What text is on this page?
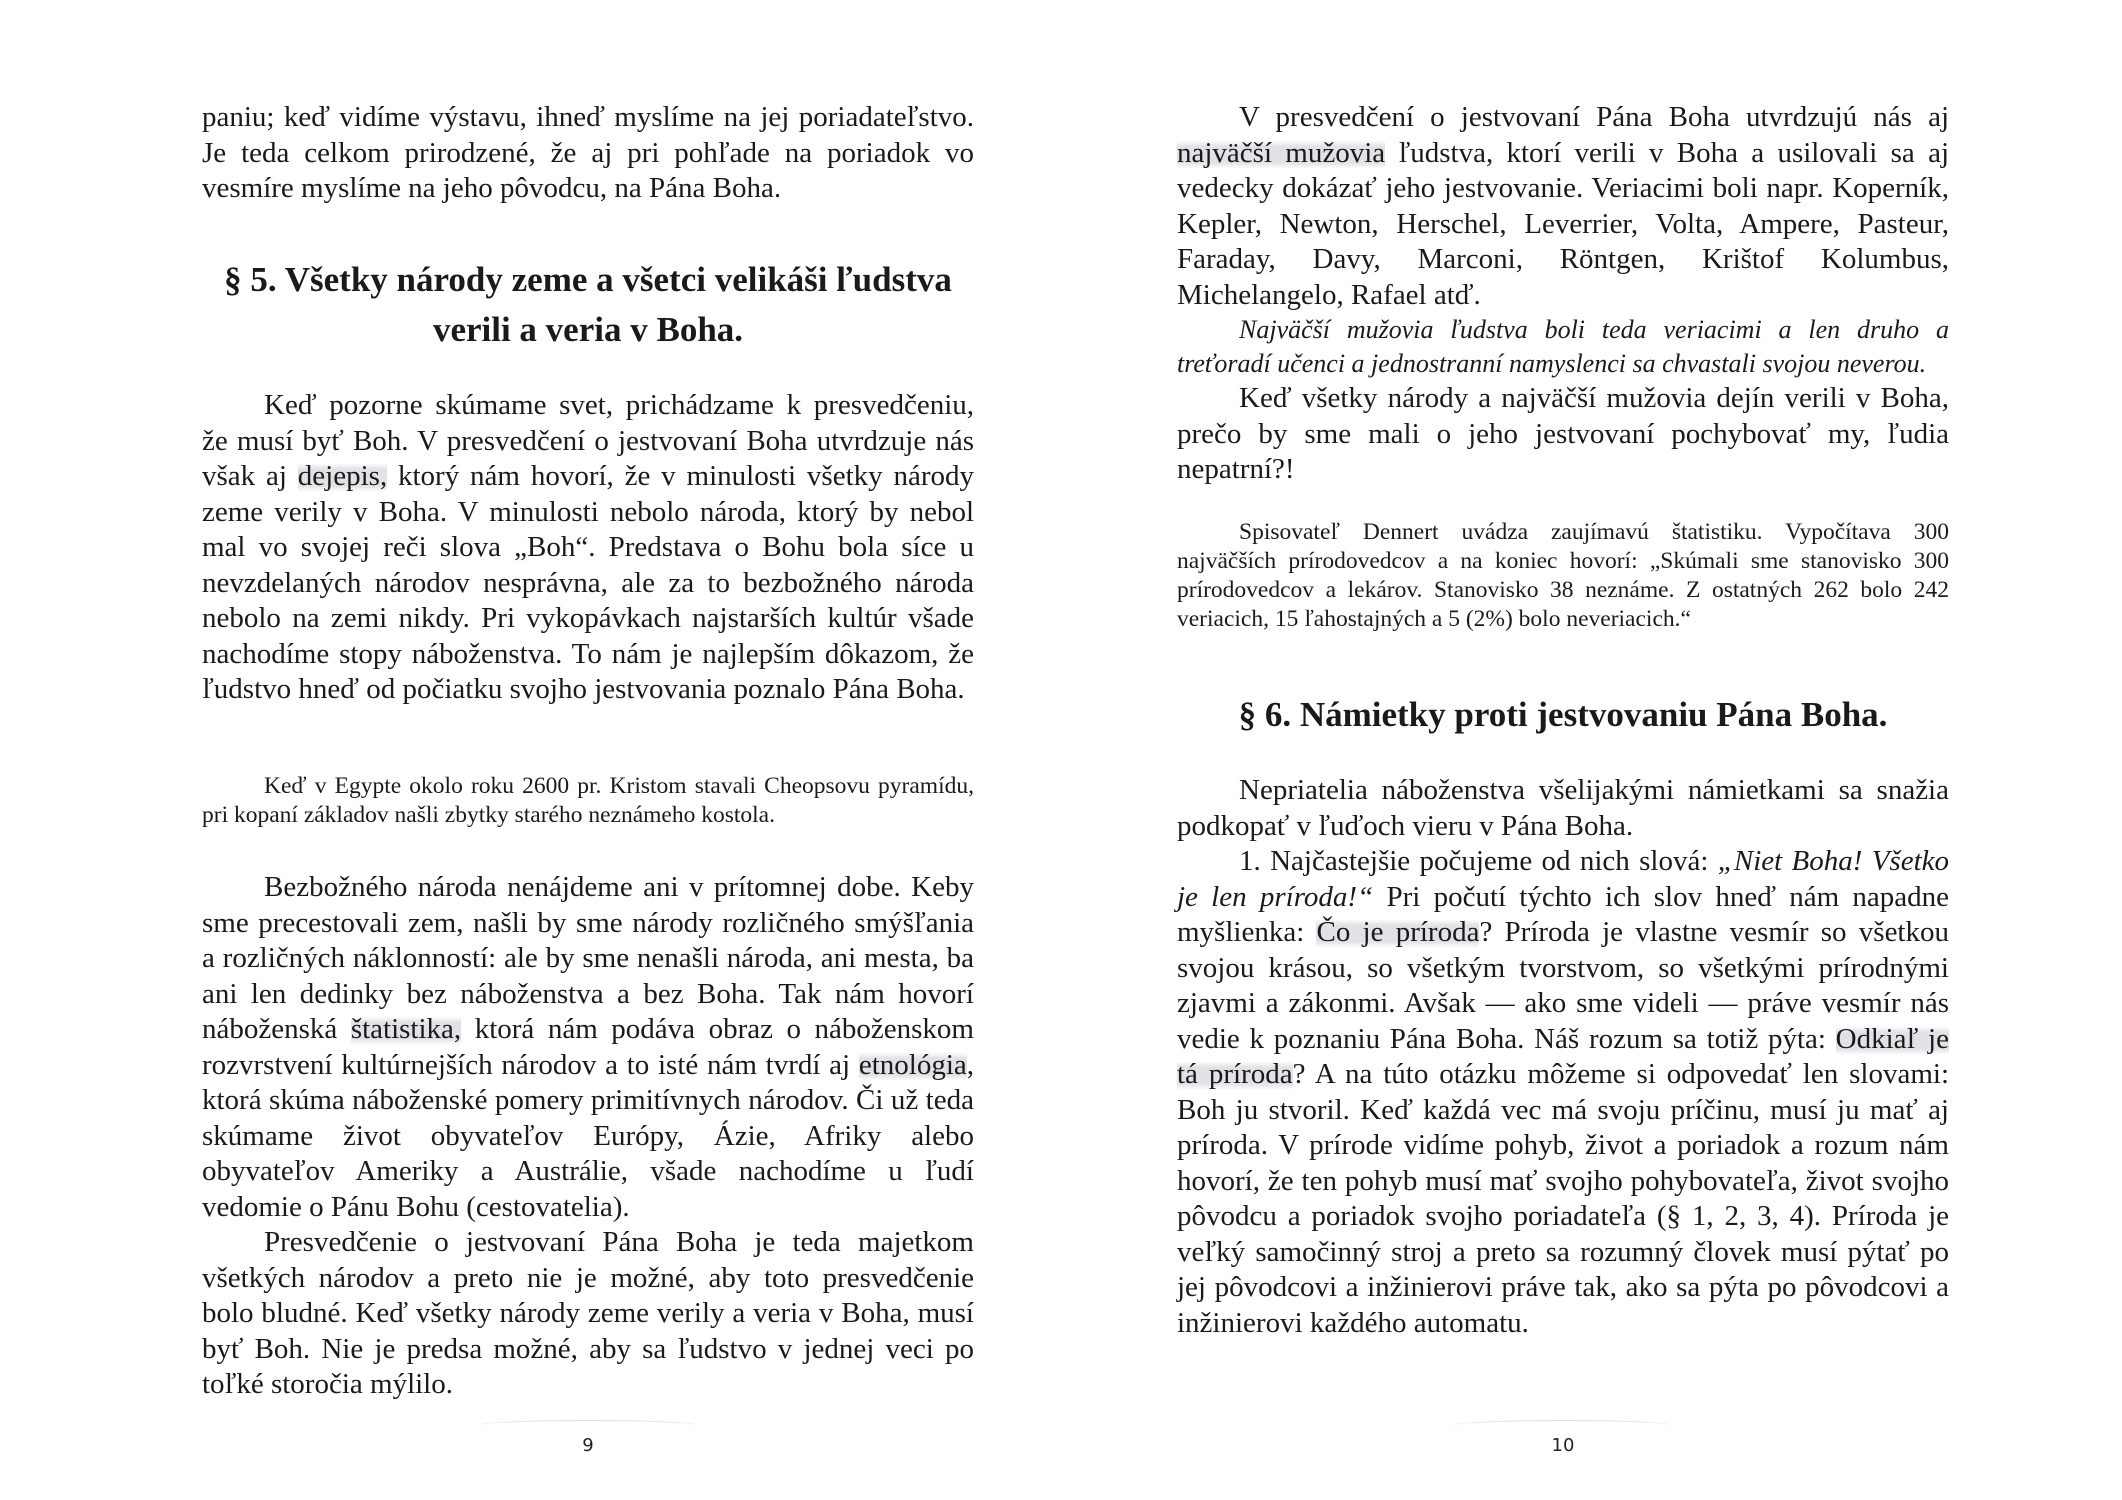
paniu; keď vidíme výstavu, ihneď myslíme na jej poriadateľstvo. Je teda celkom prirodzené, že aj pri pohľade na poriadok vo vesmíre myslíme na jeho pôvodcu, na Pána Boha.

§ 5. Všetky národy zeme a všetci velikáši ľudstva
verili a veria v Boha.

Keď pozorne skúmame svet, prichádzame k presvedčeniu, že musí byť Boh. V presvedčení o jestvovaní Boha utvrdzuje nás však aj dejepis, ktorý nám hovorí, že v minulosti všetky národy zeme verily v Boha. V minulosti nebolo národa, ktorý by nebol mal vo svojej reči slova „Boh“. Predstava o Bohu bola síce u nevzdelaných národov nesprávna, ale za to bezbožného národa nebolo na zemi nikdy. Pri vykopávkach najstarších kultúr všade nachodíme stopy náboženstva. To nám je najlepším dôkazom, že ľudstvo hneď od počiatku svojho jestvovania poznalo Pána Boha.

Keď v Egypte okolo roku 2600 pr. Kristom stavali Cheopsovu pyramídu, pri kopaní základov našli zbytky starého neznámeho kostola.

Bezbožného národa nenájdeme ani v prítomnej dobe. Keby sme precestovali zem, našli by sme národy rozličného smýšľania a rozličných náklonností: ale by sme nenašli národa, ani mesta, ba ani len dedinky bez náboženstva a bez Boha. Tak nám hovorí náboženská štatistika, ktorá nám podáva obraz o náboženskom rozvrstvení kultúrnejších národov a to isté nám tvrdí aj etnológia, ktorá skúma náboženské pomery primitívnych národov. Či už teda skúmame život obyvateľov Európy, Ázie, Afriky alebo obyvateľov Ameriky a Austrálie, všade nachodíme u ľudí vedomie o Pánu Bohu (cestovatelia).

Presvedčenie o jestvovaní Pána Boha je teda majetkom všetkých národov a preto nie je možné, aby toto presvedčenie bolo bludné. Keď všetky národy zeme verily a veria v Boha, musí byť Boh. Nie je predsa možné, aby sa ľudstvo v jednej veci po toľké storočia mýlilo.

9

V presvedčení o jestvovaní Pána Boha utvrdzujú nás aj najväčší mužovia ľudstva, ktorí verili v Boha a usilovali sa aj vedecky dokázať jeho jestvovanie. Veriacimi boli napr. Koperník, Kepler, Newton, Herschel, Leverrier, Volta, Ampere, Pasteur, Faraday, Davy, Marconi, Röntgen, Krištof Kolumbus, Michelangelo, Rafael atď.

Najväčší mužovia ľudstva boli teda veriacimi a len druho a treťoradí učenci a jednostranní namyslenci sa chvastali svojou neverou.

Keď všetky národy a najväčší mužovia dejín verili v Boha, prečo by sme mali o jeho jestvovaní pochybovať my, ľudia nepatrní?!

Spisovateľ Dennert uvádza zaujímavú štatistiku. Vypočítava 300 najväčších prírodovedcov a na koniec hovorí: „Skúmali sme stanovisko 300 prírodovedcov a lekárov. Stanovisko 38 neznáme. Z ostatných 262 bolo 242 veriacich, 15 ľahostajných a 5 (2%) bolo neveriacich.“

§ 6. Námietky proti jestvovaniu Pána Boha.

Nepriatelia náboženstva všelijakými námietkami sa snažia podkopať v ľuďoch vieru v Pána Boha.

1. Najčastejšie počujeme od nich slová: „Niet Boha! Všetko je len príroda!“ Pri počutí týchto ich slov hneď nám napadne myšlienka: Čo je príroda? Príroda je vlastne vesmír so všetkou svojou krásou, so všetkým tvorstvom, so všetkými prírodnými zjavmi a zákonmi. Avšak — ako sme videli — práve vesmír nás vedie k poznaniu Pána Boha. Náš rozum sa totiž pýta: Odkiaľ je tá príroda? A na túto otázku môžeme si odpovedať len slovami: Boh ju stvoril. Keď každá vec má svoju príčinu, musí ju mať aj príroda. V prírode vidíme pohyb, život a poriadok a rozum nám hovorí, že ten pohyb musí mať svojho pohybovateľa, život svojho pôvodcu a poriadok svojho poriadateľa (§ 1, 2, 3, 4). Príroda je veľký samočinný stroj a preto sa rozumný človek musí pýtať po jej pôvodcovi a inžinierovi práve tak, ako sa pýta po pôvodcovi a inžinierovi každého automatu.

10
